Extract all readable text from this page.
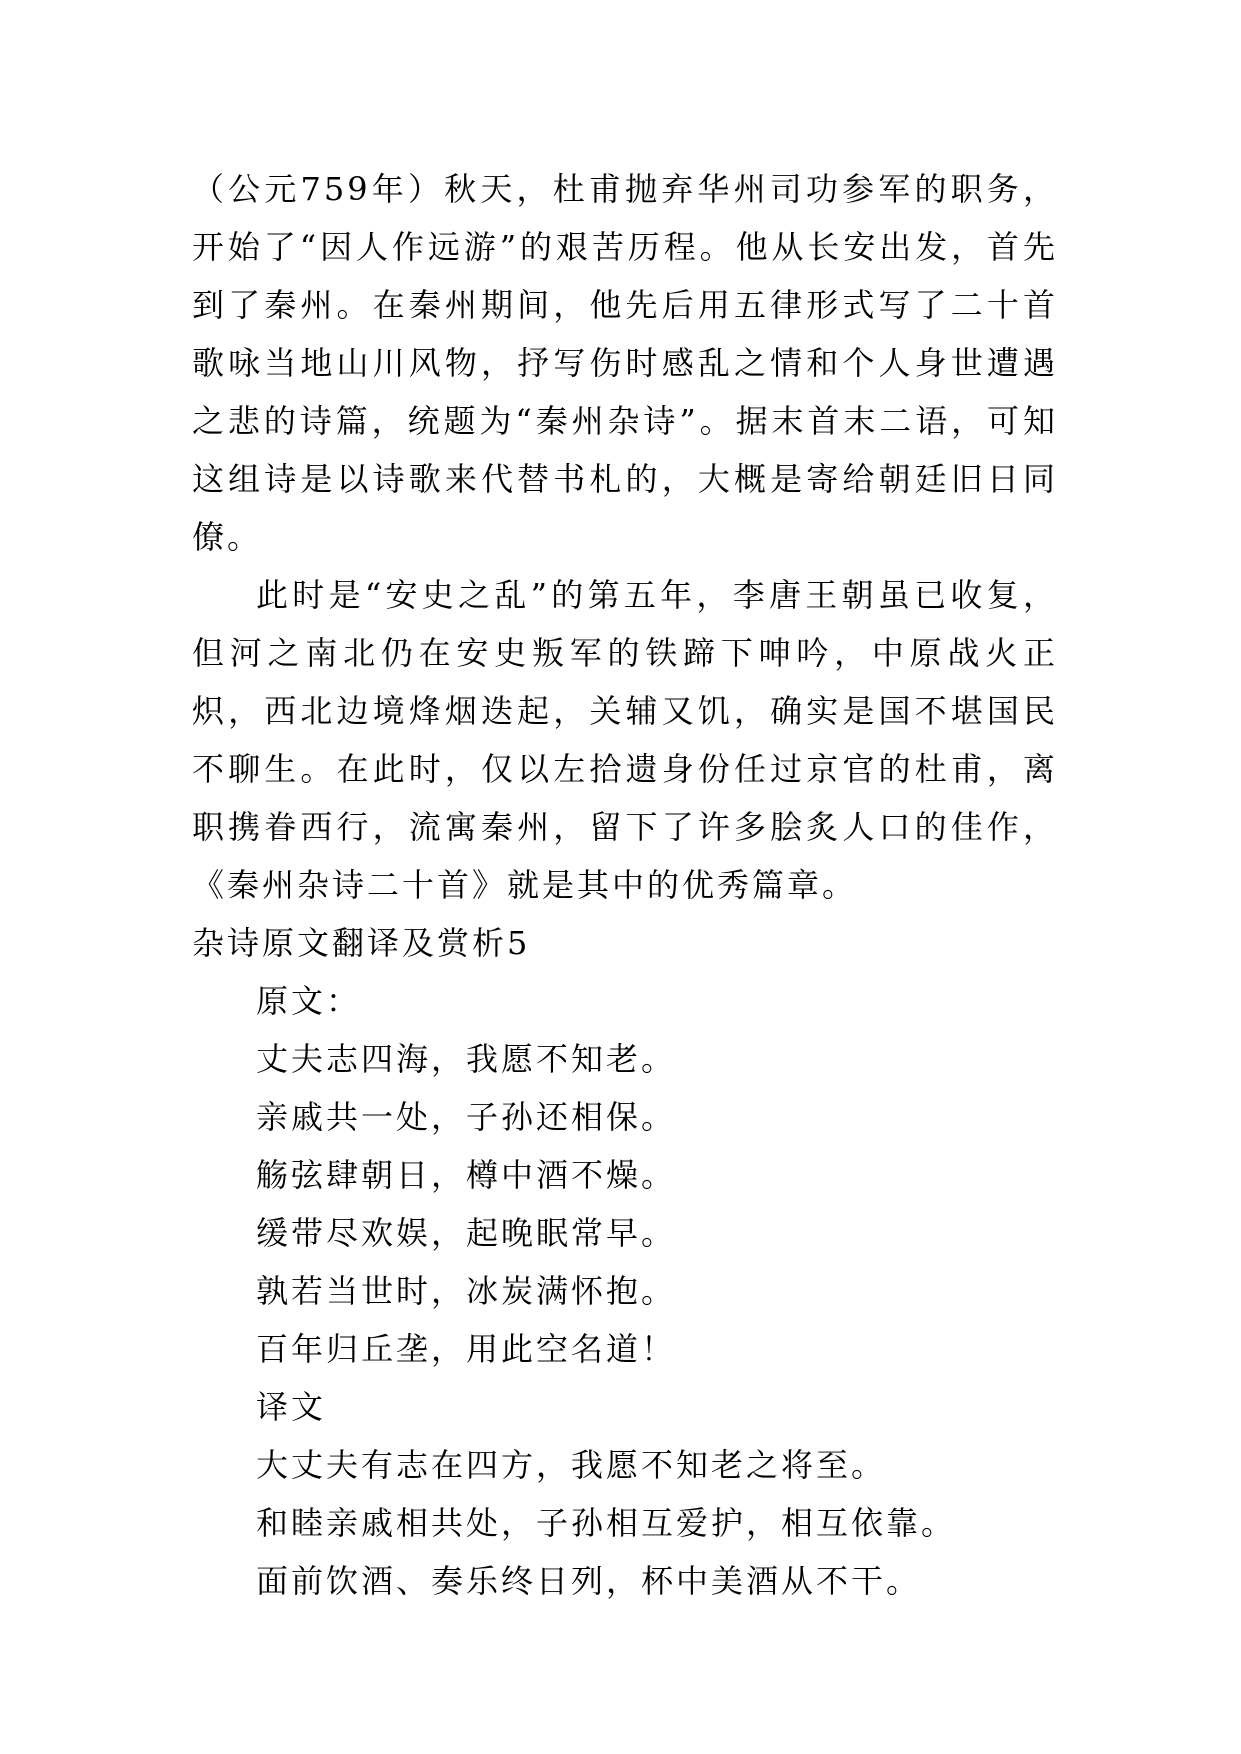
（公元759年）秋天，杜甫抛弃华州司功参军的职务，开始了“因人作远游”的艰苦历程。他从长安出发，首先到了秦州。在秦州期间，他先后用五律形式写了二十首歌咏当地山川风物，抒写伤时感乱之情和个人身世遭遇之悲的诗篇，统题为“秦州杂诗”。据末首末二语，可知这组诗是以诗歌来代替书札的，大概是寄给朝廷旧日同僚。

此时是“安史之乱”的第五年，李唐王朝虽已收复，但河之南北仍在安史叛军的铁蹄下呻吟，中原战火正炽，西北边境烽烟迭起，关辅又饥，确实是国不堪国民不聊生。在此时，仅以左拾遗身份任过京官的杜甫，离职携眷西行，流寓秦州，留下了许多脍炙人口的佳作，《秦州杂诗二十首》就是其中的优秀篇章。

杂诗原文翻译及赏析5

原文：

丈夫志四海，我愿不知老。

亲戚共一处，子孙还相保。

觞弦肆朝日，樽中酒不燥。

缓带尽欢娱，起晚眠常早。

孰若当世时，冰炭满怀抱。

百年归丘垄，用此空名道！

译文

大丈夫有志在四方，我愿不知老之将至。

和睦亲戚相共处，子孙相互爱护，相互依靠。

面前饮酒、奏乐终日列，杯中美酒从不干。
